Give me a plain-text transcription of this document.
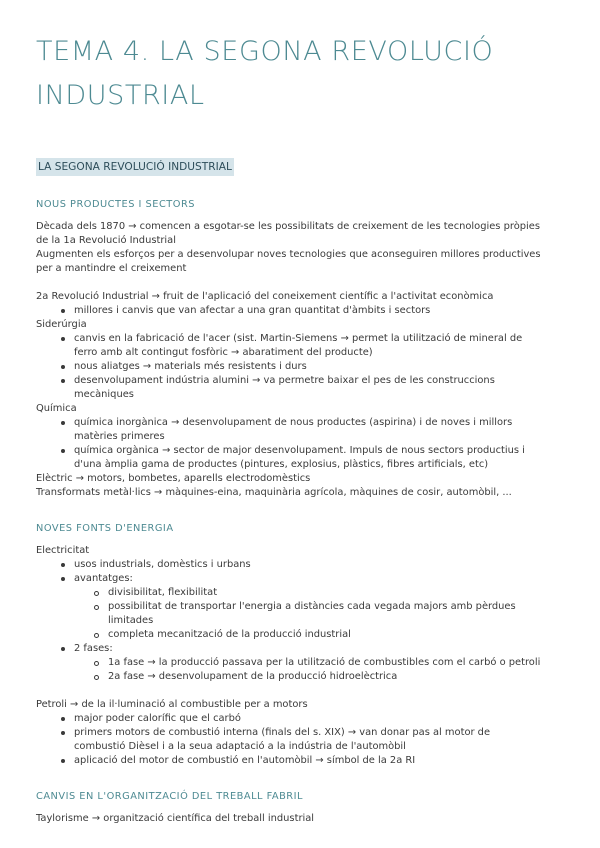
TEMA 4. LA SEGONA REVOLUCIÓ
INDUSTRIAL
LA SEGONA REVOLUCIÓ INDUSTRIAL
NOUS PRODUCTES I SECTORS

Dècada dels 1870 → comencen a esgotar-se les possibilitats de creixement de les tecnologies pròpies

de la 1a Revolució Industrial

Augmenten els esforços per a desenvolupar noves tecnologies que aconseguiren millores productives

per a mantindre el creixement

2a Revolució Industrial → fruit de l'aplicació del coneixement científic a l'activitat econòmica

millores i canvis que van afectar a una gran quantitat d'àmbits i sectors

Siderúrgia

canvis en la fabricació de l'acer (sist. Martin-Siemens → permet la utilització de mineral de
ferro amb alt contingut fosfòric → abaratiment del producte)
nous aliatges → materials més resistents i durs
desenvolupament indústria alumini → va permetre baixar el pes de les construccions
mecàniques

Química

química inorgànica → desenvolupament de nous productes (aspirina) i de noves i millors
matèries primeres
química orgànica → sector de major desenvolupament. Impuls de nous sectors productius i
d'una àmplia gama de productes (pintures, explosius, plàstics, fibres artificials, etc)

Elèctric → motors, bombetes, aparells electrodomèstics

Transformats metàl·lics → màquines-eina, maquinària agrícola, màquines de cosir, automòbil, ...

NOVES FONTS D'ENERGIA

Electricitat

usos industrials, domèstics i urbans
avantatges:
divisibilitat, flexibilitat
possibilitat de transportar l'energia a distàncies cada vegada majors amb pèrdues
limitades
completa mecanització de la producció industrial
2 fases:
1a fase → la producció passava per la utilització de combustibles com el carbó o petroli
2a fase → desenvolupament de la producció hidroelèctrica

Petroli → de la il·luminació al combustible per a motors

major poder calorífic que el carbó
primers motors de combustió interna (finals del s. XIX) → van donar pas al motor de
combustió Dièsel i a la seua adaptació a la indústria de l'automòbil
aplicació del motor de combustió en l'automòbil → símbol de la 2a RI
CANVIS EN L'ORGANITZACIÓ DEL TREBALL FABRIL

Taylorisme → organització científica del treball industrial
